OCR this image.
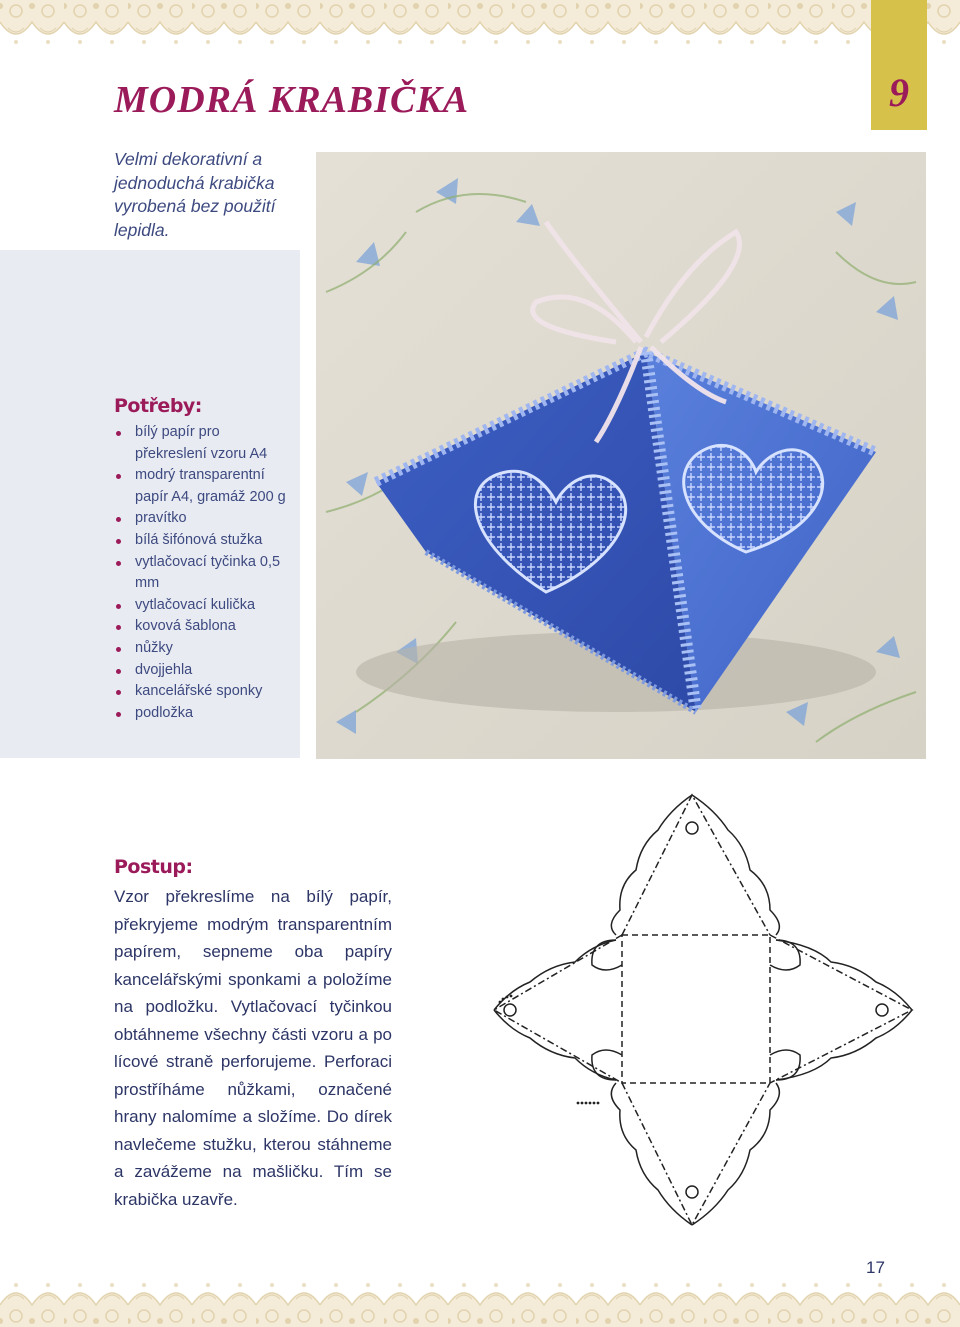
9
MODRÁ KRABIČKA
Velmi dekorativní a jednoduchá krabička vyrobená bez použití lepidla.
Potřeby:
bílý papír pro překreslení vzoru A4
modrý transparentní papír A4, gramáž 200 g
pravítko
bílá šifónová stužka
vytlačovací tyčinka 0,5 mm
vytlačovací kulička
kovová šablona
nůžky
dvojjehla
kancelářské sponky
podložka
Postup:

Vzor překreslíme na bílý papír, překryjeme modrým transparentním papírem, sepneme oba papíry kancelářskými sponkami a položíme na podložku. Vytlačovací tyčinkou obtáhneme všechny části vzoru a po lícové straně perforujeme. Perforaci prostříháme nůžkami, označené hrany nalomíme a složíme. Do dírek navlečeme stužku, kterou stáhneme a zavážeme na mašličku. Tím se krabička uzavře.

17
